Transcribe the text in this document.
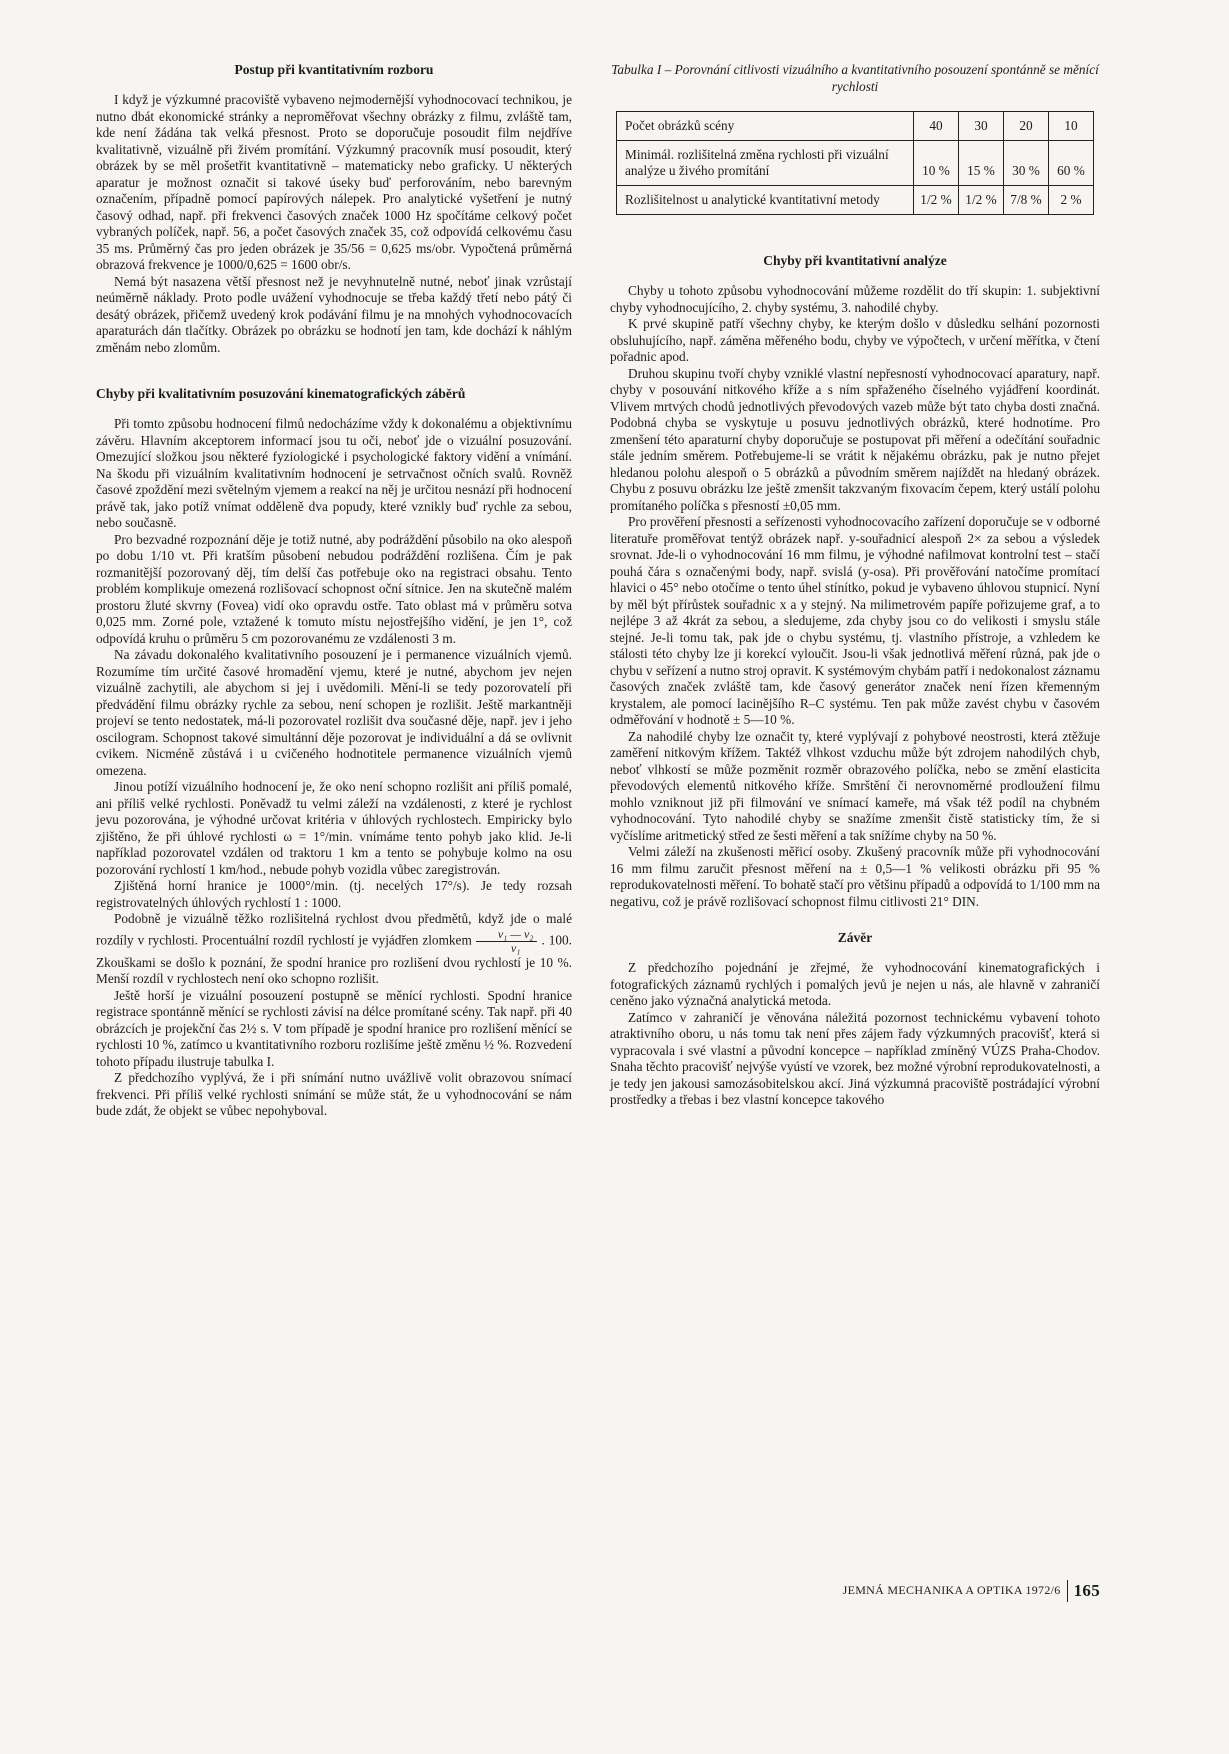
Postup při kvantitativním rozboru

I když je výzkumné pracoviště vybaveno nejmodernější vyhodnocovací technikou, je nutno dbát ekonomické stránky a neproměřovat všechny obrázky z filmu, zvláště tam, kde není žádána tak velká přesnost. Proto se doporučuje posoudit film nejdříve kvalitativně, vizuálně při živém promítání. Výzkumný pracovník musí posoudit, který obrázek by se měl prošetřit kvantitativně – matematicky nebo graficky. U některých aparatur je možnost označit si takové úseky buď perforováním, nebo barevným označením, případně pomocí papírových nálepek. Pro analytické vyšetření je nutný časový odhad, např. při frekvenci časových značek 1000 Hz spočítáme celkový počet vybraných políček, např. 56, a počet časových značek 35, což odpovídá celkovému času 35 ms. Průměrný čas pro jeden obrázek je 35/56 = 0,625 ms/obr. Vypočtená průměrná obrazová frekvence je 1000/0,625 = 1600 obr/s.

Nemá být nasazena větší přesnost než je nevyhnutelně nutné, neboť jinak vzrůstají neúměrně náklady. Proto podle uvážení vyhodnocuje se třeba každý třetí nebo pátý či desátý obrázek, přičemž uvedený krok podávání filmu je na mnohých vyhodnocovacích aparaturách dán tlačítky. Obrázek po obrázku se hodnotí jen tam, kde dochází k náhlým změnám nebo zlomům.

Chyby při kvalitativním posuzování kinematografických záběrů

Při tomto způsobu hodnocení filmů nedocházíme vždy k dokonalému a objektivnímu závěru. Hlavním akceptorem informací jsou tu oči, neboť jde o vizuální posuzování. Omezující složkou jsou některé fyziologické i psychologické faktory vidění a vnímání. Na škodu při vizuálním kvalitativním hodnocení je setrvačnost očních svalů. Rovněž časové zpoždění mezi světelným vjemem a reakcí na něj je určitou nesnází při hodnocení právě tak, jako potíž vnímat odděleně dva popudy, které vznikly buď rychle za sebou, nebo současně.

Pro bezvadné rozpoznání děje je totiž nutné, aby podráždění působilo na oko alespoň po dobu 1/10 vt. Při kratším působení nebudou podráždění rozlišena. Čím je pak rozmanitější pozorovaný děj, tím delší čas potřebuje oko na registraci obsahu. Tento problém komplikuje omezená rozlišovací schopnost oční sítnice. Jen na skutečně malém prostoru žluté skvrny (Fovea) vidí oko opravdu ostře. Tato oblast má v průměru sotva 0,025 mm. Zorné pole, vztažené k tomuto místu nejostřejšího vidění, je jen 1°, což odpovídá kruhu o průměru 5 cm pozorovanému ze vzdálenosti 3 m.

Na závadu dokonalého kvalitativního posouzení je i permanence vizuálních vjemů. Rozumíme tím určité časové hromadění vjemu, které je nutné, abychom jev nejen vizuálně zachytili, ale abychom si jej i uvědomili. Mění-li se tedy pozorovatelí při předvádění filmu obrázky rychle za sebou, není schopen je rozlišit. Ještě markantněji projeví se tento nedostatek, má-li pozorovatel rozlišit dva současné děje, např. jev i jeho oscilogram. Schopnost takové simultánní děje pozorovat je individuální a dá se ovlivnit cvikem. Nicméně zůstává i u cvičeného hodnotitele permanence vizuálních vjemů omezena.

Jinou potíží vizuálního hodnocení je, že oko není schopno rozlišit ani příliš pomalé, ani příliš velké rychlosti. Poněvadž tu velmi záleží na vzdálenosti, z které je rychlost jevu pozorována, je výhodné určovat kritéria v úhlových rychlostech. Empiricky bylo zjištěno, že při úhlové rychlosti ω = 1°/min. vnímáme tento pohyb jako klid. Je-li například pozorovatel vzdálen od traktoru 1 km a tento se pohybuje kolmo na osu pozorování rychlostí 1 km/hod., nebude pohyb vozidla vůbec zaregistrován.

Zjištěná horní hranice je 1000°/min. (tj. necelých 17°/s). Je tedy rozsah registrovatelných úhlových rychlostí 1 : 1000.

Podobně je vizuálně těžko rozlišitelná rychlost dvou předmětů, když jde o malé rozdíly v rychlosti. Procentuální rozdíl rychlostí je vyjádřen zlomkem $\frac{\text{v₁ — v₂}}{\text{v₁}}$ . 100. Zkouškami se došlo k poznání, že spodní hranice pro rozlišení dvou rychlostí je 10 %. Menší rozdíl v rychlostech není oko schopno rozlišit.

Ještě horší je vizuální posouzení postupně se měnící rychlosti. Spodní hranice registrace spontánně měnící se rychlosti závisí na délce promítané scény. Tak např. při 40 obrázcích je projekční čas 2½ s. V tom případě je spodní hranice pro rozlišení měnící se rychlosti 10 %, zatímco u kvantitativního rozboru rozlišíme ještě změnu ½ %. Rozvedení tohoto případu ilustruje tabulka I.

Z předchozího vyplývá, že i při snímání nutno uvážlivě volit obrazovou snímací frekvenci. Při příliš velké rychlosti snímání se může stát, že u vyhodnocování se nám bude zdát, že objekt se vůbec nepohyboval.

Tabulka I – Porovnání citlivosti vizuálního a kvantitativního posouzení spontánně se měnící rychlosti
Počet obrázků scény	40	30	20	10
Minimál. rozlišitelná změna rychlosti při vizuální analýze u živého promítání	10 %	15 %	30 %	60 %
Rozlišitelnost u analytické kvantitativní metody	1/2 %	1/2 %	7/8 %	2 %
Chyby při kvantitativní analýze

Chyby u tohoto způsobu vyhodnocování můžeme rozdělit do tří skupin: 1. subjektivní chyby vyhodnocujícího, 2. chyby systému, 3. nahodilé chyby.

K prvé skupině patří všechny chyby, ke kterým došlo v důsledku selhání pozornosti obsluhujícího, např. záměna měřeného bodu, chyby ve výpočtech, v určení měřítka, v čtení pořadnic apod.

Druhou skupinu tvoří chyby vzniklé vlastní nepřesností vyhodnocovací aparatury, např. chyby v posouvání nitkového kříže a s ním spřaženého číselného vyjádření koordinát. Vlivem mrtvých chodů jednotlivých převodových vazeb může být tato chyba dosti značná. Podobná chyba se vyskytuje u posuvu jednotlivých obrázků, které hodnotíme. Pro zmenšení této aparaturní chyby doporučuje se postupovat při měření a odečítání souřadnic stále jedním směrem. Potřebujeme-li se vrátit k nějakému obrázku, pak je nutno přejet hledanou polohu alespoň o 5 obrázků a původním směrem najíždět na hledaný obrázek. Chybu z posuvu obrázku lze ještě zmenšit takzvaným fixovacím čepem, který ustálí polohu promítaného políčka s přesností ±0,05 mm.

Pro prověření přesnosti a seřízenosti vyhodnocovacího zařízení doporučuje se v odborné literatuře proměřovat tentýž obrázek např. y-souřadnicí alespoň 2× za sebou a výsledek srovnat. Jde-li o vyhodnocování 16 mm filmu, je výhodné nafilmovat kontrolní test – stačí pouhá čára s označenými body, např. svislá (y-osa). Při prověřování natočíme promítací hlavici o 45° nebo otočíme o tento úhel stínítko, pokud je vybaveno úhlovou stupnicí. Nyní by měl být přírůstek souřadnic x a y stejný. Na milimetrovém papíře pořizujeme graf, a to nejlépe 3 až 4krát za sebou, a sledujeme, zda chyby jsou co do velikosti i smyslu stále stejné. Je-li tomu tak, pak jde o chybu systému, tj. vlastního přístroje, a vzhledem ke stálosti této chyby lze ji korekcí vyloučit. Jsou-li však jednotlivá měření různá, pak jde o chybu v seřízení a nutno stroj opravit. K systémovým chybám patří i nedokonalost záznamu časových značek zvláště tam, kde časový generátor značek není řízen křemenným krystalem, ale pomocí lacinějšího R–C systému. Ten pak může zavést chybu v časovém odměřování v hodnotě ± 5—10 %.

Za nahodilé chyby lze označit ty, které vyplývají z pohybové neostrosti, která ztěžuje zaměření nitkovým křížem. Taktéž vlhkost vzduchu může být zdrojem nahodilých chyb, neboť vlhkostí se může pozměnit rozměr obrazového políčka, nebo se změní elasticita převodových elementů nitkového kříže. Smrštění či nerovnoměrné prodloužení filmu mohlo vzniknout již při filmování ve snímací kameře, má však též podíl na chybném vyhodnocování. Tyto nahodilé chyby se snažíme zmenšit čistě statisticky tím, že si vyčíslíme aritmetický střed ze šesti měření a tak snížíme chyby na 50 %.

Velmi záleží na zkušenosti měřicí osoby. Zkušený pracovník může při vyhodnocování 16 mm filmu zaručit přesnost měření na ± 0,5—1 % velikosti obrázku při 95 % reprodukovatelnosti měření. To bohatě stačí pro většinu případů a odpovídá to 1/100 mm na negativu, což je právě rozlišovací schopnost filmu citlivosti 21° DIN.

Závěr

Z předchozího pojednání je zřejmé, že vyhodnocování kinematografických i fotografických záznamů rychlých i pomalých jevů je nejen u nás, ale hlavně v zahraničí ceněno jako význačná analytická metoda.

Zatímco v zahraničí je věnována náležitá pozornost technickému vybavení tohoto atraktivního oboru, u nás tomu tak není přes zájem řady výzkumných pracovišť, která si vypracovala i své vlastní a původní koncepce – například zmíněný VÚZS Praha-Chodov. Snaha těchto pracovišť nejvýše vyústí ve vzorek, bez možné výrobní reprodukovatelnosti, a je tedy jen jakousi samozásobitelskou akcí. Jiná výzkumná pracoviště postrádající výrobní prostředky a třebas i bez vlastní koncepce takového

JEMNÁ MECHANIKA A OPTIKA 1972/6 165
